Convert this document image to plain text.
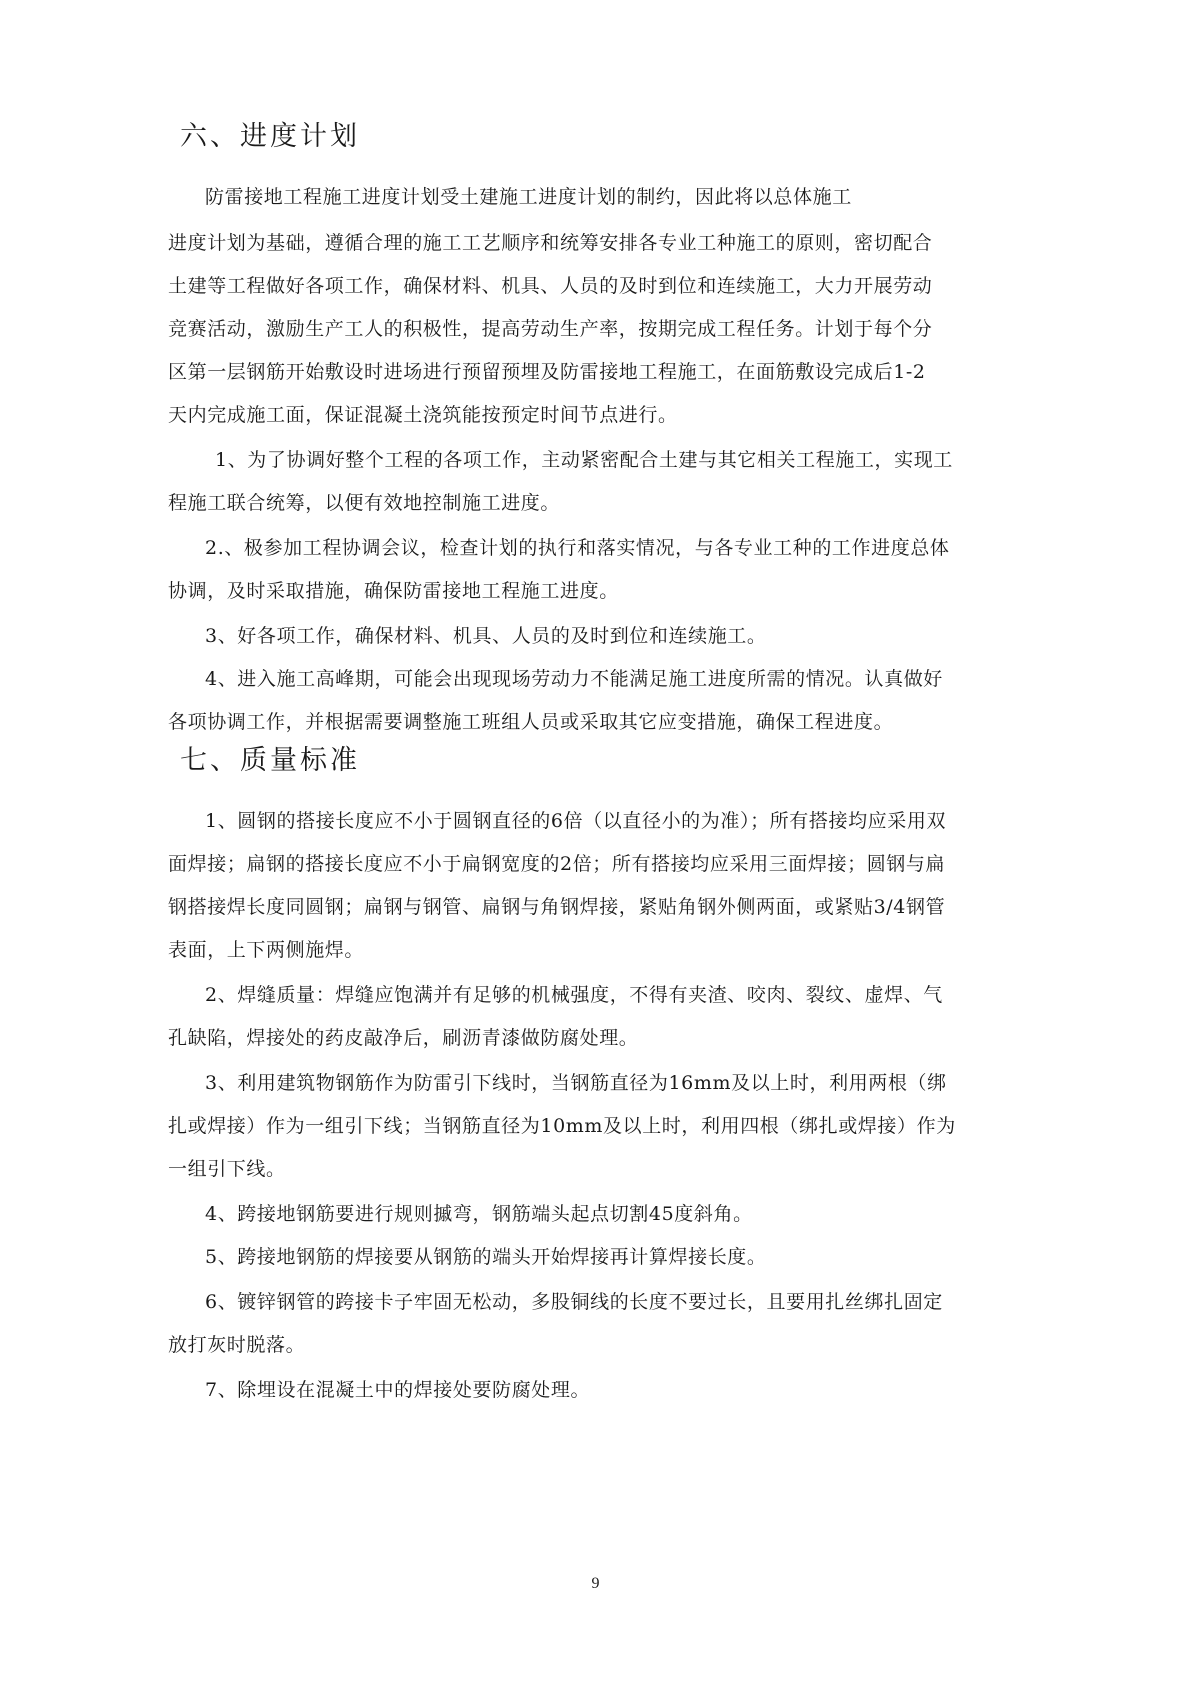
六、进度计划

防雷接地工程施工进度计划受土建施工进度计划的制约，因此将以总体施工

进度计划为基础，遵循合理的施工工艺顺序和统筹安排各专业工种施工的原则，密切配合

土建等工程做好各项工作，确保材料、机具、人员的及时到位和连续施工，大力开展劳动

竞赛活动，激励生产工人的积极性，提高劳动生产率，按期完成工程任务。计划于每个分

区第一层钢筋开始敷设时进场进行预留预埋及防雷接地工程施工，在面筋敷设完成后1-2

天内完成施工面，保证混凝土浇筑能按预定时间节点进行。

1、为了协调好整个工程的各项工作，主动紧密配合土建与其它相关工程施工，实现工

程施工联合统筹，以便有效地控制施工进度。

2.、极参加工程协调会议，检查计划的执行和落实情况，与各专业工种的工作进度总体

协调，及时采取措施，确保防雷接地工程施工进度。

3、好各项工作，确保材料、机具、人员的及时到位和连续施工。

4、进入施工高峰期，可能会出现现场劳动力不能满足施工进度所需的情况。认真做好

各项协调工作，并根据需要调整施工班组人员或采取其它应变措施，确保工程进度。

七、质量标准

1、圆钢的搭接长度应不小于圆钢直径的6倍（以直径小的为准）；所有搭接均应采用双

面焊接；扁钢的搭接长度应不小于扁钢宽度的2倍；所有搭接均应采用三面焊接；圆钢与扁

钢搭接焊长度同圆钢；扁钢与钢管、扁钢与角钢焊接，紧贴角钢外侧两面，或紧贴3/4钢管

表面，上下两侧施焊。

2、焊缝质量：焊缝应饱满并有足够的机械强度，不得有夹渣、咬肉、裂纹、虚焊、气

孔缺陷，焊接处的药皮敲净后，刷沥青漆做防腐处理。

3、利用建筑物钢筋作为防雷引下线时，当钢筋直径为16mm及以上时，利用两根（绑

扎或焊接）作为一组引下线；当钢筋直径为10mm及以上时，利用四根（绑扎或焊接）作为

一组引下线。

4、跨接地钢筋要进行规则摵弯，钢筋端头起点切割45度斜角。

5、跨接地钢筋的焊接要从钢筋的端头开始焊接再计算焊接长度。

6、镀锌钢管的跨接卡子牢固无松动，多股铜线的长度不要过长，且要用扎丝绑扎固定

放打灰时脱落。

7、除埋设在混凝土中的焊接处要防腐处理。

9
